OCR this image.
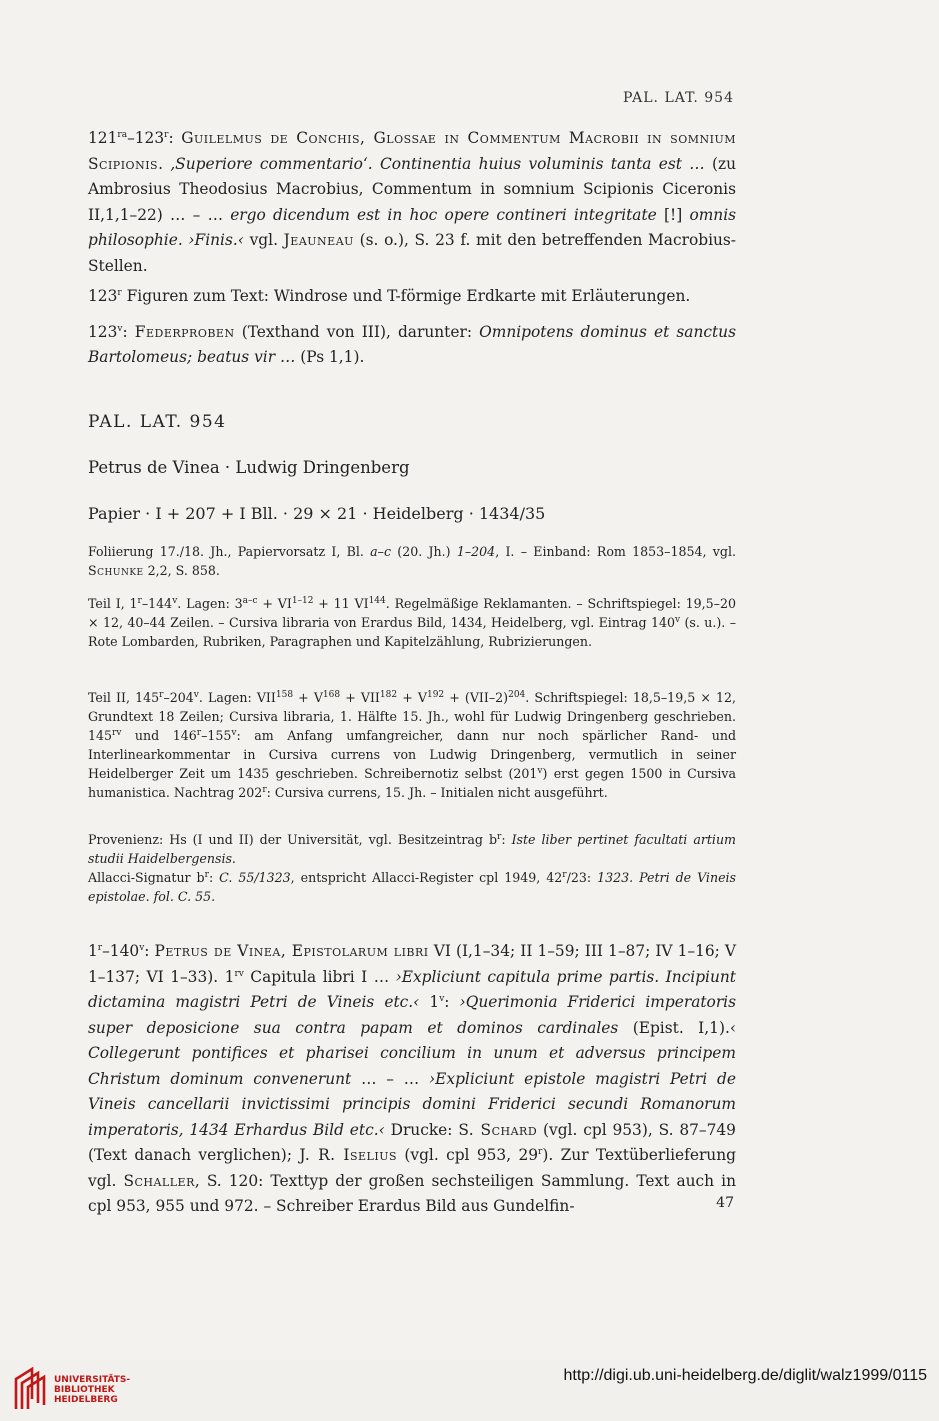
PAL. LAT. 954

$121^{ra}-123^r$: Guilelmus de Conchis, Glossae in Commentum Macrobii in somnium Scipionis. ‚Superiore commentario‘. Continentia huius voluminis tanta est … (zu Ambrosius Theodosius Macrobius, Commentum in somnium Scipionis Ciceronis II,1,1–22) … – … ergo dicendum est in hoc opere contineri integritate [!] omnis philosophie. ›Finis.‹ vgl. Jeauneau (s. o.), S. 23 f. mit den betreffenden Macrobius-Stellen.

123$^r$ Figuren zum Text: Windrose und T-förmige Erdkarte mit Erläuterungen.

123$^v$: Federproben (Texthand von III), darunter: Omnipotens dominus et sanctus Bartolomeus; beatus vir … (Ps 1,1).

PAL. LAT. 954
Petrus de Vinea · Ludwig Dringenberg
Papier · I + 207 + I Bll. · 29 × 21 · Heidelberg · 1434/35

Foliierung 17./18. Jh., Papiervorsatz I, Bl. a–c (20. Jh.) 1–204, I. – Einband: Rom 1853–1854, vgl. Schunke 2,2, S. 858.

Teil I, 1$^r$–144$^v$. Lagen: $3^{a-c} + VI^{1-12} + 11$ VI$^{144}$. Regelmäßige Reklamanten. – Schriftspiegel: 19,5–20 × 12, 40–44 Zeilen. – Cursiva libraria von Erardus Bild, 1434, Heidelberg, vgl. Eintrag 140$^v$ (s. u.). – Rote Lombarden, Rubriken, Paragraphen und Kapitelzählung, Rubrizierungen.

Teil II, 145$^r$–204$^v$. Lagen: $VII^{158} + V^{168} + VII^{182} + V^{192} + (VII-2)^{204}$. Schriftspiegel: 18,5–19,5 × 12, Grundtext 18 Zeilen; Cursiva libraria, 1. Hälfte 15. Jh., wohl für Ludwig Dringenberg geschrieben. $145^{rv}$ und 146$^r$–155$^v$: am Anfang umfangreicher, dann nur noch spärlicher Rand- und Interlinearkommentar in Cursiva currens von Ludwig Dringenberg, vermutlich in seiner Heidelberger Zeit um 1435 geschrieben. Schreibernotiz selbst (201$^v$) erst gegen 1500 in Cursiva humanistica. Nachtrag 202$^r$: Cursiva currens, 15. Jh. – Initialen nicht ausgeführt.

Provenienz: Hs (I und II) der Universität, vgl. Besitzeintrag $b^r$: Iste liber pertinet facultati artium studii Haidelbergensis.

Allacci-Signatur $b^r$: C. 55/1323, entspricht Allacci-Register cpl 1949, 42$^r$/23: 1323. Petri de Vineis epistolae. fol. C. 55.

1$^r$–140$^v$: Petrus de Vinea, Epistolarum libri VI (I,1–34; II 1–59; III 1–87; IV 1–16; V 1–137; VI 1–33). $1^{rv}$ Capitula libri I … ›Expliciunt capitula prime partis. Incipiunt dictamina magistri Petri de Vineis etc.‹ 1$^v$: ›Querimonia Friderici imperatoris super deposicione sua contra papam et dominos cardinales (Epist. I,1).‹ Collegerunt pontifices et pharisei concilium in unum et adversus principem Christum dominum convenerunt … – … ›Expliciunt epistole magistri Petri de Vineis cancellarii invictissimi principis domini Friderici secundi Romanorum imperatoris, 1434 Erhardus Bild etc.‹ Drucke: S. Schard (vgl. cpl 953), S. 87–749 (Text danach verglichen); J. R. Iselius (vgl. cpl 953, 29$^r$). Zur Textüberlieferung vgl. Schaller, S. 120: Texttyp der großen sechsteiligen Sammlung. Text auch in cpl 953, 955 und 972. – Schreiber Erardus Bild aus Gundelfin-	47
UNIVERSITÄTS-
BIBLIOTHEK
HEIDELBERG
http://digi.ub.uni-heidelberg.de/diglit/walz1999/0115
